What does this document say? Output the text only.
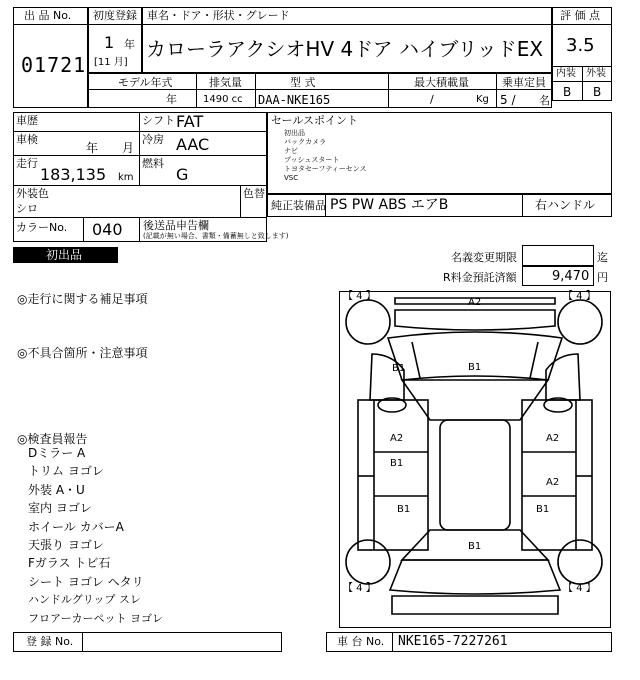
出 品 No.
01721
初度登録
1 年
[11 月]
車名・ドア・形状・グレード
カローラアクシオHV 4ドア ハイブリッドEX
評 価 点
3.5
内装 外装
B B
モデル年式
年
排気量
1490 cc
型 式
DAA-NKE165
最大積載量
/	Kg
乗車定員
5 / 名
車歴	シフト FAT
車検
年 月
冷房 AAC
走行
183,135 km
燃料
G
外装色
シロ
色替
カラーNo. 040 後送品申告欄
(記載が無い場合、書類・備蓄無しと致します)
セールスポイント
初出品
バックカメラ
ナビ
プッシュスタート
トヨタセーフティーセンス
VSC
純正装備品 PS PW ABS エアB	右ハンドル
初出品	名義変更期限	迄
R料金預託済額	9,470 円
◎走行に関する補足事項
◎不具合箇所・注意事項
◎検査員報告
Dミラー A
トリム ヨゴレ
外装 A・U
室内 ヨゴレ
ホイール カバーA
天張り ヨゴレ
Fガラス トビ石
シート ヨゴレ ヘタリ
ハンドルグリップ スレ
フロアーカーペット ヨゴレ
【 4 】	【 4 】
【 4 】	【 4 】
A2
B1	B1
A2
B1
A2
A2
B1	B1
B1
登 録 No.	車 台 No. NKE165-7227261
